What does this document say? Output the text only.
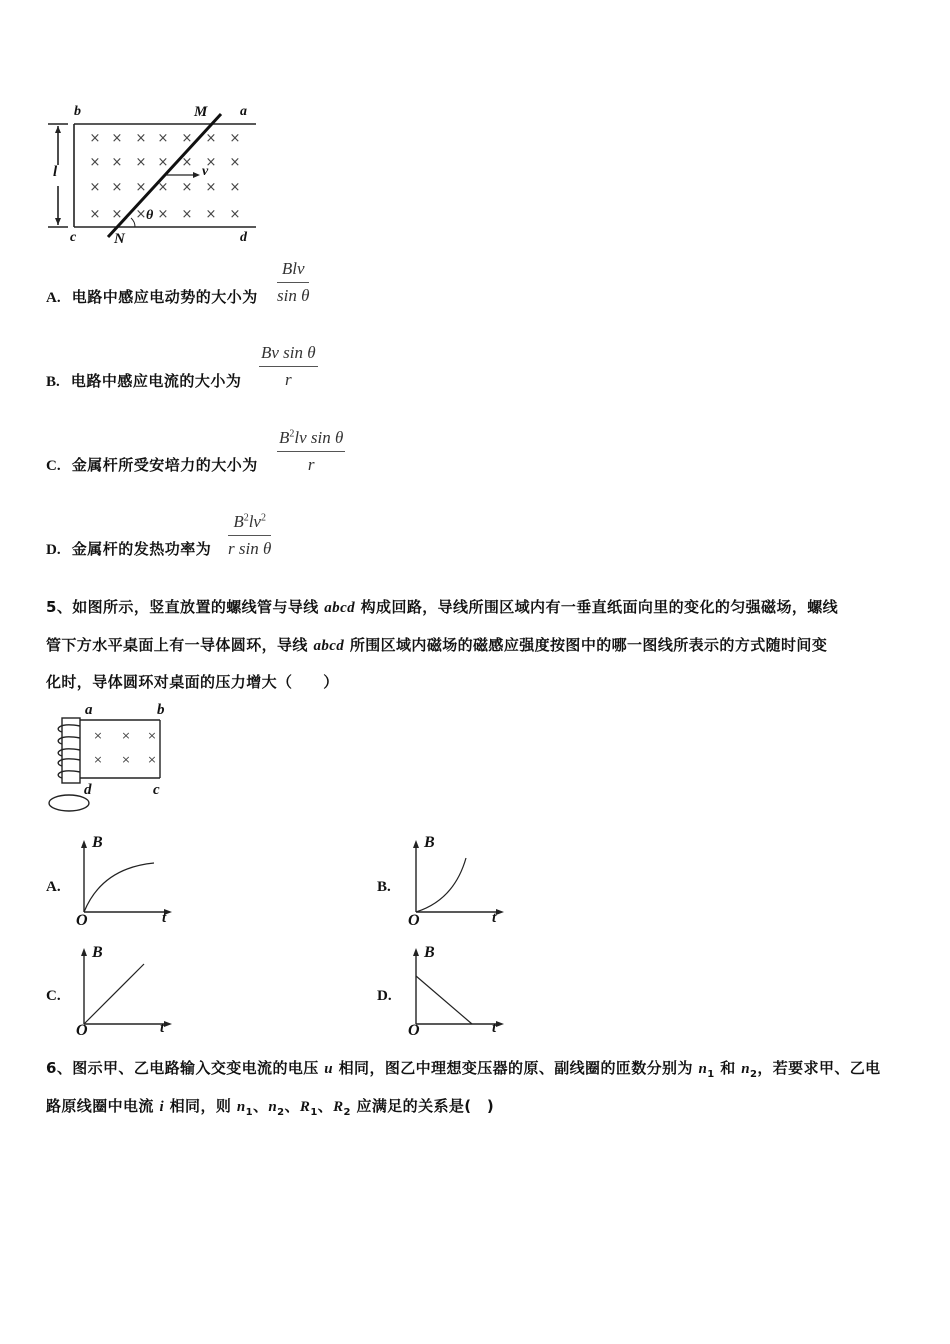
× × × × × × ×
× × × × × × ×
× × × × × × ×
× × × × × × ×
b	M a
l	v
θ
c	N	d
A. 电路中感应电动势的大小为
Blv
sin θ
B. 电路中感应电流的大小为
Bv sin θ
r
C. 金属杆所受安培力的大小为
$B^2lv$ sin θ
r
D. 金属杆的发热功率为
$B^2lv^2$
r sin θ
5、如图所示，竖直放置的螺线管与导线 abcd 构成回路，导线所围区域内有一垂直纸面向里的变化的匀强磁场，螺线
管下方水平桌面上有一导体圆环，导线 abcd 所围区域内磁场的磁感应强度按图中的哪一图线所表示的方式随时间变
化时，导体圆环对桌面的压力增大（　　）
× × ×
× × ×
a	b
c
d
A.
B
O	t
B.
B
O	t
C.
B
O	t
D.
B
O	t
6、图示甲、乙电路输入交变电流的电压 u 相同，图乙中理想变压器的原、副线圈的匝数分别为 $n_1$ 和 $n_2$，若要求甲、乙电
路原线圈中电流 i 相同，则 $n_1$、$n_2$、$R_1$、$R_2$ 应满足的关系是(　)
